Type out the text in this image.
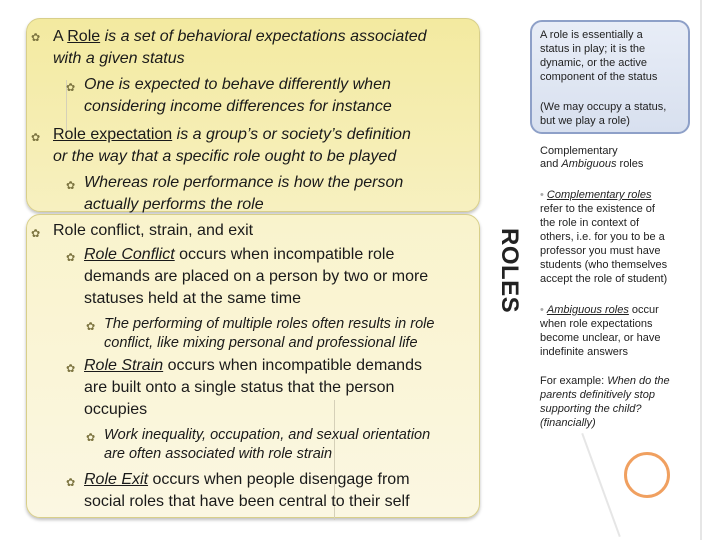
✿ A Role is a set of behavioral expectations associated
with a given status
✿ One is expected to behave differently when
considering income differences for instance
✿ Role expectation is a group’s or society’s definition
or the way that a specific role ought to be played
✿ Whereas role performance is how the person
actually performs the role
✿ Role conflict, strain, and exit
✿ Role Conflict occurs when incompatible role
demands are placed on a person by two or more
statuses held at the same time
✿ The performing of multiple roles often results in role
conflict, like mixing personal and professional life
✿ Role Strain occurs when incompatible demands
are built onto a single status that the person
occupies
✿ Work inequality, occupation, and sexual orientation
are often associated with role strain
✿ Role Exit occurs when people disengage from
social roles that have been central to their self
ROLES
A role is essentially a
status in play; it is the
dynamic, or the active
component of the status
(We may occupy a status,
but we play a role)
Complementary
and Ambiguous roles
• Complementary roles
refer to the existence of
the role in context of
others, i.e. for you to be a
professor you must have
students (who themselves
accept the role of student)
• Ambiguous roles occur
when role expectations
become unclear, or have
indefinite answers
For example: When do the
parents definitively stop
supporting the child?
(financially)
